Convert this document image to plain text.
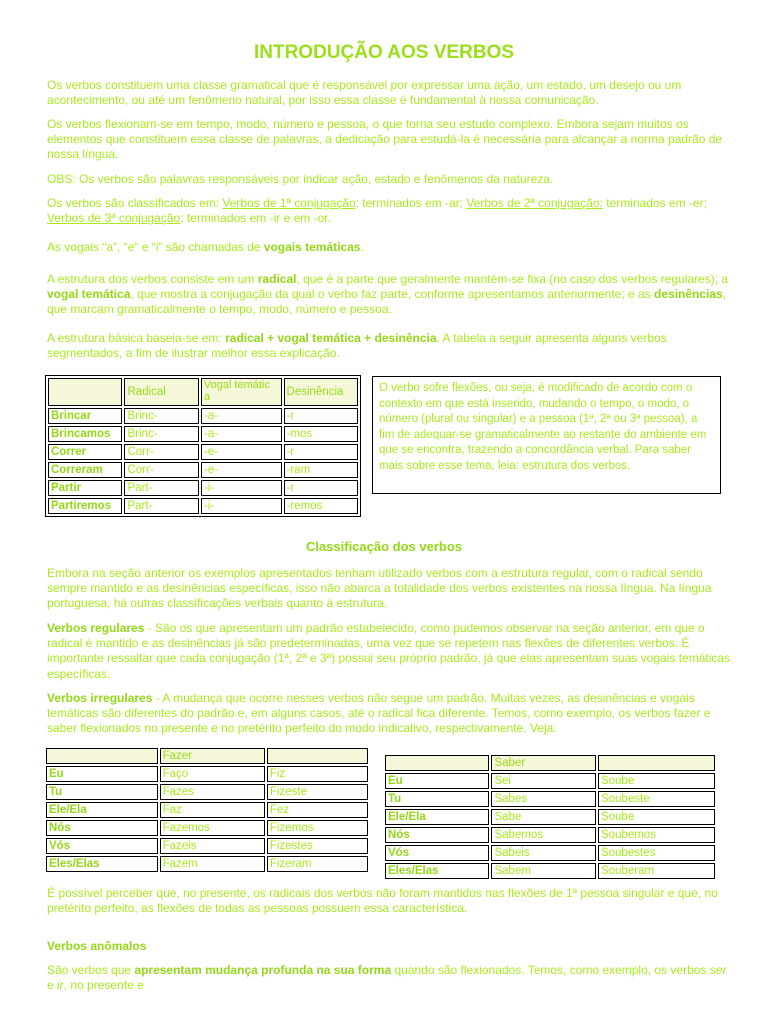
INTRODUÇÃO AOS VERBOS

Os verbos constituem uma classe gramatical que é responsável por expressar uma ação, um estado, um desejo ou um acontecimento, ou até um fenômeno natural, por isso essa classe é fundamental à nossa comunicação.

Os verbos flexionam-se em tempo, modo, número e pessoa, o que torna seu estudo complexo. Embora sejam muitos os elementos que constituem essa classe de palavras, a dedicação para estudá-la é necessária para alcançar a norma padrão de nossa língua.

OBS: Os verbos são palavras responsáveis por indicar ação, estado e fenômenos da natureza.

Os verbos são classificados em: Verbos de 1ª conjugação: terminados em -ar; Verbos de 2ª conjugação: terminados em -er; Verbos de 3ª conjugação: terminados em -ir e em -or.

As vogais “a”, “e” e “i” são chamadas de vogais temáticas.

A estrutura dos verbos consiste em um radical, que é a parte que geralmente mantém-se fixa (no caso dos verbos regulares); a vogal temática, que mostra a conjugação da qual o verbo faz parte, conforme apresentamos anteriormente; e as desinências, que marcam gramaticalmente o tempo, modo, número e pessoa.

A estrutura básica baseia-se em: radical + vogal temática + desinência. A tabela a seguir apresenta alguns verbos segmentados, a fim de ilustrar melhor essa explicação.

	Radical	Vogal temátic a	Desinência
Brincar	Brinc-	-a-	-r
Brincamos	Brinc-	-a-	-mos
Correr	Corr-	-e-	-r
Correram	Corr-	-e-	-ram
Partir	Part-	-i-	-r
Partiremos	Part-	-i-	-remos
O verbo sofre flexões, ou seja, é modificado de acordo com o contexto em que está inserido, mudando o tempo, o modo, o número (plural ou singular) e a pessoa (1ª, 2ª ou 3ª pessoa), a fim de adequar-se gramaticalmente ao restante do ambiente em que se encontra, trazendo a concordância verbal. Para saber mais sobre esse tema, leia: estrutura dos verbos.
Classificação dos verbos

Embora na seção anterior os exemplos apresentados tenham utilizado verbos com a estrutura regular, com o radical sendo sempre mantido e as desinências específicas, isso não abarca a totalidade dos verbos existentes na nossa língua. Na língua portuguesa, há outras classificações verbais quanto à estrutura.

Verbos regulares - São os que apresentam um padrão estabelecido, como pudemos observar na seção anterior, em que o radical é mantido e as desinências já são predeterminadas, uma vez que se repetem nas flexões de diferentes verbos. É importante ressaltar que cada conjugação (1ª, 2ª e 3ª) possui seu próprio padrão, já que elas apresentam suas vogais temáticas específicas.

Verbos irregulares - A mudança que ocorre nesses verbos não segue um padrão. Muitas vezes, as desinências e vogais temáticas são diferentes do padrão e, em alguns casos, até o radical fica diferente. Temos, como exemplo, os verbos fazer e saber flexionados no presente e no pretérito perfeito do modo indicativo, respectivamente. Veja:

	Fazer	
Eu	Faço	Fiz
Tu	Fazes	Fizeste
Ele/Ela	Faz	Fez
Nós	Fazemos	Fizemos
Vós	Fazeis	Fizestes
Eles/Elas	Fazem	Fizeram
	Saber	
Eu	Sei	Soube
Tu	Sabes	Soubeste
Ele/Ela	Sabe	Soube
Nós	Sabemos	Soubemos
Vós	Sabeis	Soubestes
Eles/Elas	Sabem	Souberam

É possível perceber que, no presente, os radicais dos verbos não foram mantidos nas flexões de 1ª pessoa singular e que, no pretérito perfeito, as flexões de todas as pessoas possuem essa característica.

Verbos anômalos

São verbos que apresentam mudança profunda na sua forma quando são flexionados. Temos, como exemplo, os verbos ser e ir, no presente e
